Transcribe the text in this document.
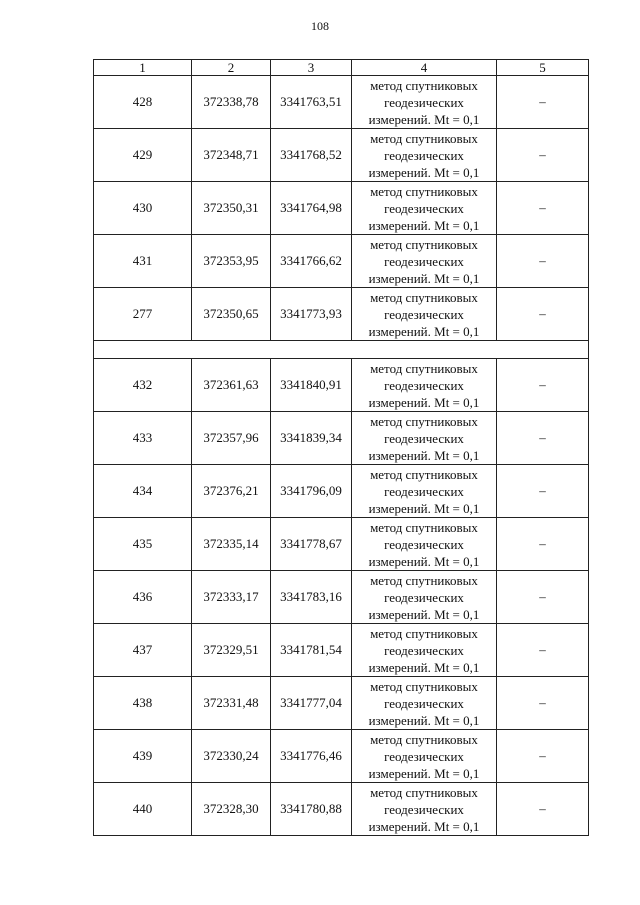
108
1	2	3	4	5
428	372338,78	3341763,51	метод спутниковых
геодезических
измерений. Mt = 0,1	–
429	372348,71	3341768,52	метод спутниковых
геодезических
измерений. Mt = 0,1	–
430	372350,31	3341764,98	метод спутниковых
геодезических
измерений. Mt = 0,1	–
431	372353,95	3341766,62	метод спутниковых
геодезических
измерений. Mt = 0,1	–
277	372350,65	3341773,93	метод спутниковых
геодезических
измерений. Mt = 0,1	–

432	372361,63	3341840,91	метод спутниковых
геодезических
измерений. Mt = 0,1	–
433	372357,96	3341839,34	метод спутниковых
геодезических
измерений. Mt = 0,1	–
434	372376,21	3341796,09	метод спутниковых
геодезических
измерений. Mt = 0,1	–
435	372335,14	3341778,67	метод спутниковых
геодезических
измерений. Mt = 0,1	–
436	372333,17	3341783,16	метод спутниковых
геодезических
измерений. Mt = 0,1	–
437	372329,51	3341781,54	метод спутниковых
геодезических
измерений. Mt = 0,1	–
438	372331,48	3341777,04	метод спутниковых
геодезических
измерений. Mt = 0,1	–
439	372330,24	3341776,46	метод спутниковых
геодезических
измерений. Mt = 0,1	–
440	372328,30	3341780,88	метод спутниковых
геодезических
измерений. Mt = 0,1	–
